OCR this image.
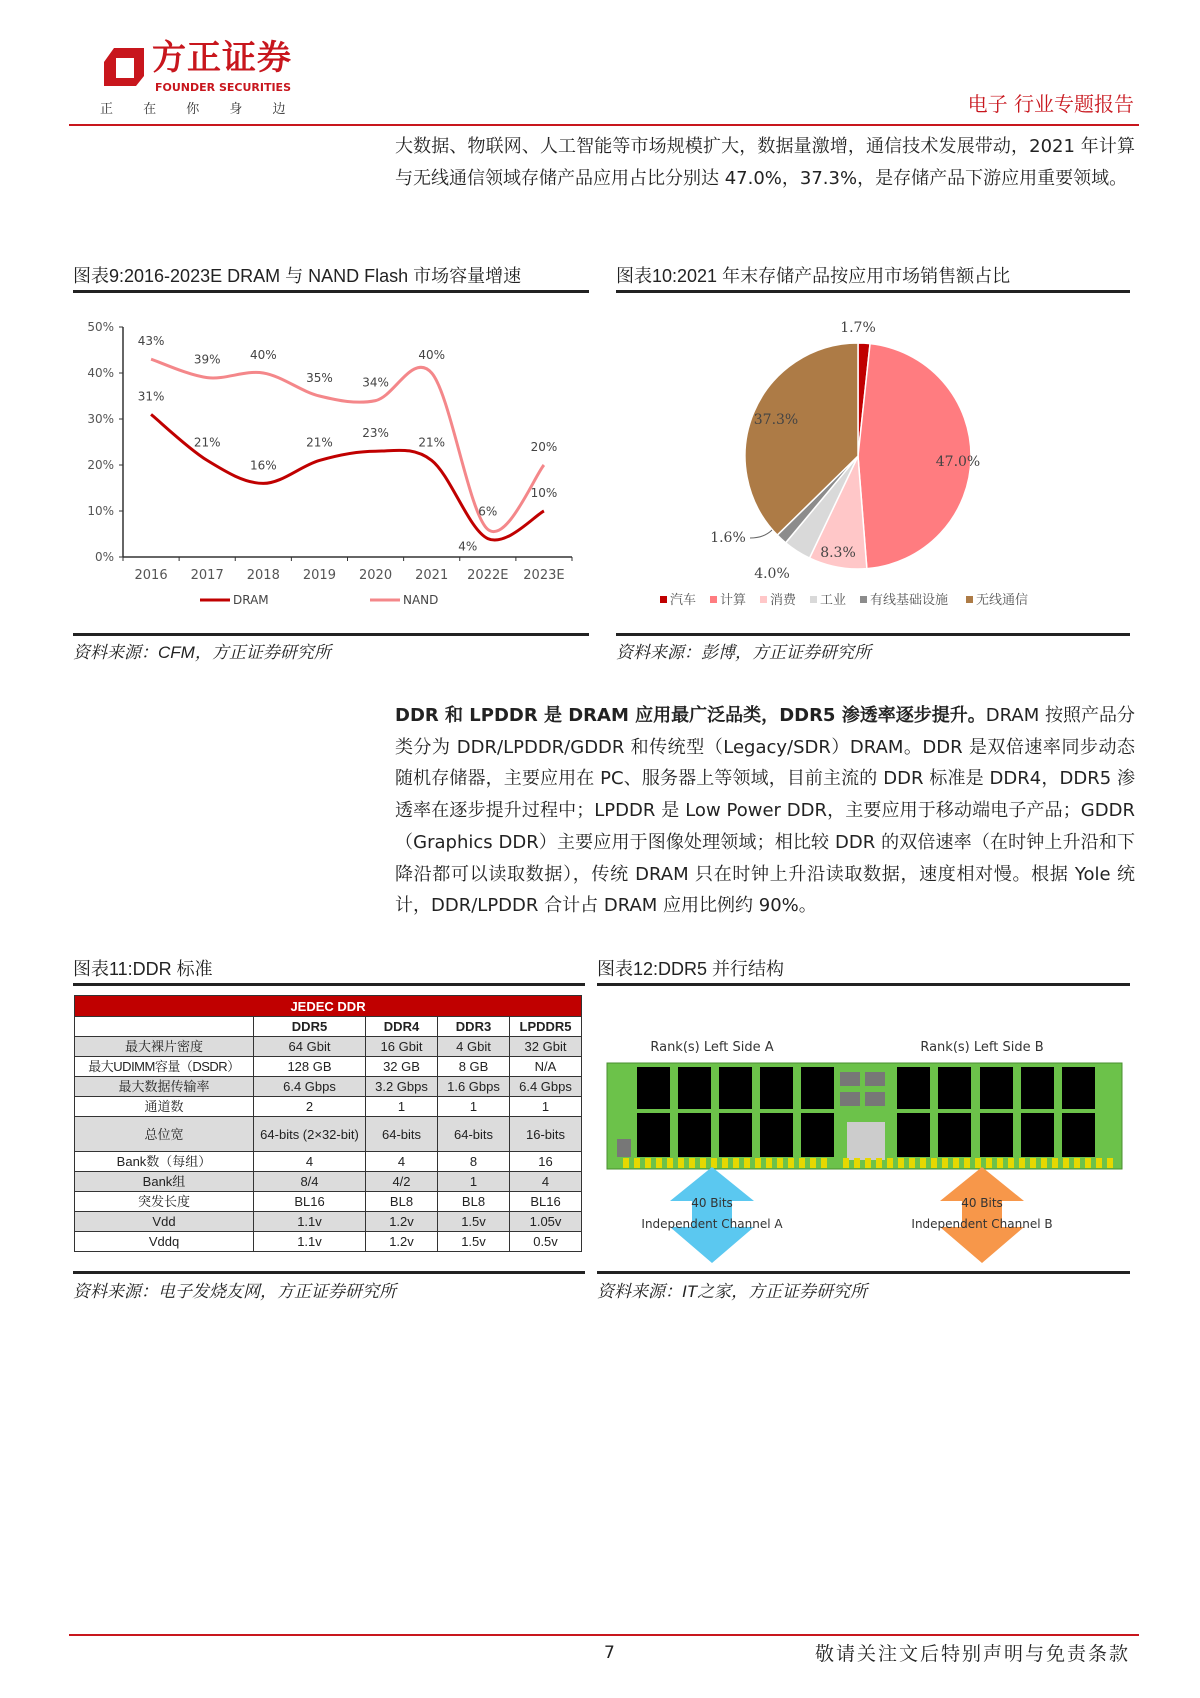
方正证券
FOUNDER SECURITIES
正 在 你 身 边	电子 行业专题报告
大数据、物联网、人工智能等市场规模扩大，数据量激增，通信技术发展带动，2021 年计算与无线通信领域存储产品应用占比分别达 47.0%，37.3%，是存储产品下游应用重要领域。
图表9:2016-2023E DRAM 与 NAND Flash 市场容量增速	图表10:2021 年末存储产品按应用市场销售额占比
0%
10%
20%
30%
40%
50%
2016 2017 2018 2019 2020 2021 2022E 2023E
43%
39% 40%
35% 34%
40%
6%
20%
31%
21%
16%
21%
23%
21%
4%
10%
DRAM	NAND
1.7%
47.0%
8.3%
4.0%
1.6%
37.3%
汽车 计算 消费 工业 有线基础设施 无线通信
资料来源：CFM，方正证券研究所	资料来源：彭博，方正证券研究所
DDR 和 LPDDR 是 DRAM 应用最广泛品类，DDR5 渗透率逐步提升。DRAM 按照产品分类分为 DDR/LPDDR/GDDR 和传统型（Legacy/SDR）DRAM。DDR 是双倍速率同步动态随机存储器，主要应用在 PC、服务器上等领域，目前主流的 DDR 标准是 DDR4，DDR5 渗透率在逐步提升过程中；LPDDR 是 Low Power DDR，主要应用于移动端电子产品；GDDR（Graphics DDR）主要应用于图像处理领域；相比较 DDR 的双倍速率（在时钟上升沿和下降沿都可以读取数据），传统 DRAM 只在时钟上升沿读取数据，速度相对慢。根据 Yole 统计，DDR/LPDDR 合计占 DRAM 应用比例约 90%。
图表11:DDR 标准	图表12:DDR5 并行结构
JEDEC DDR				
	DDR5	DDR4	DDR3	LPDDR5
最大裸片密度	64 Gbit	16 Gbit	4 Gbit	32 Gbit
最大UDIMM容量（DSDR）	128 GB	32 GB	8 GB	N/A
最大数据传输率	6.4 Gbps	3.2 Gbps	1.6 Gbps	6.4 Gbps
通道数	2	1	1	1
总位宽	64-bits (2×32-bit)	64-bits	64-bits	16-bits
Bank数（每组）	4	4	8	16
Bank组	8/4	4/2	1	4
突发长度	BL16	BL8	BL8	BL16
Vdd	1.1v	1.2v	1.5v	1.05v
Vddq	1.1v	1.2v	1.5v	0.5v
Rank(s) Left Side A	Rank(s) Left Side B
40 Bits
Independent Channel A
40 Bits
Independent Channel B
资料来源：电子发烧友网，方正证券研究所	资料来源：IT之家，方正证券研究所
7	敬请关注文后特别声明与免责条款
